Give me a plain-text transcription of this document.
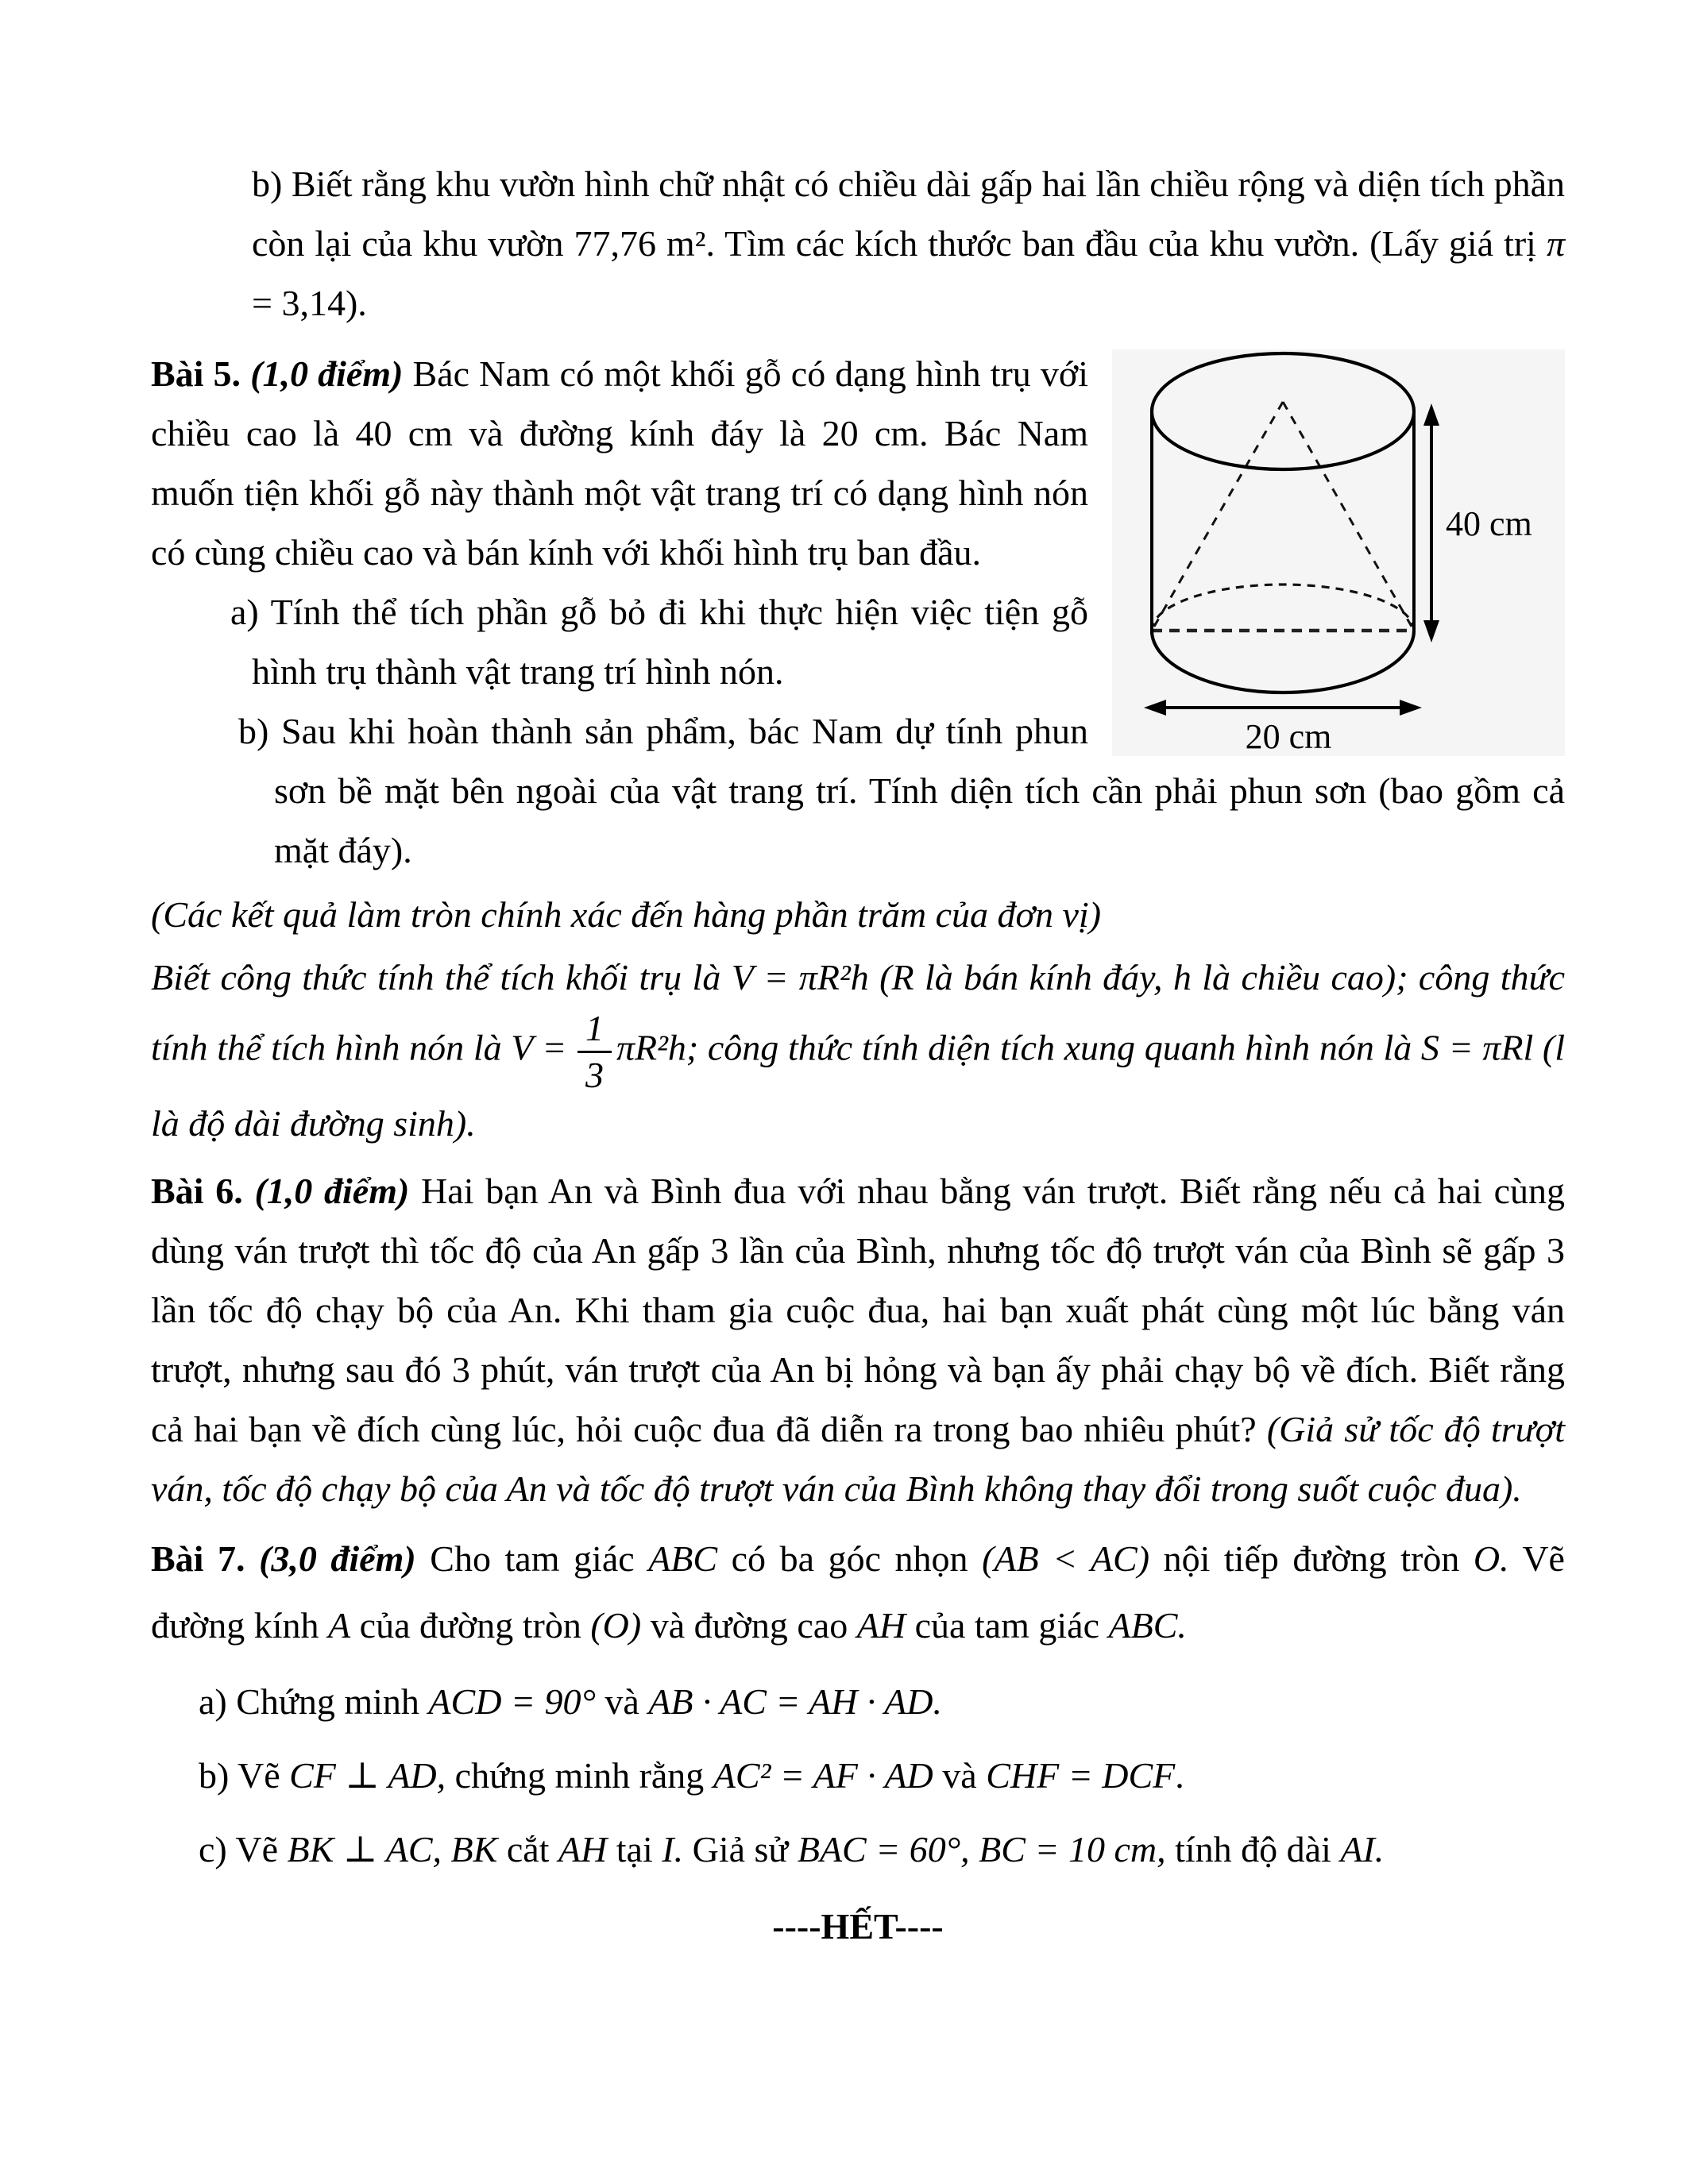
b) Biết rằng khu vườn hình chữ nhật có chiều dài gấp hai lần chiều rộng và diện tích phần còn lại của khu vườn 77,76 m². Tìm các kích thước ban đầu của khu vườn. (Lấy giá trị π = 3,14).

40 cm
20 cm

Bài 5. (1,0 điểm) Bác Nam có một khối gỗ có dạng hình trụ với chiều cao là 40 cm và đường kính đáy là 20 cm. Bác Nam muốn tiện khối gỗ này thành một vật trang trí có dạng hình nón có cùng chiều cao và bán kính với khối hình trụ ban đầu.

a) Tính thể tích phần gỗ bỏ đi khi thực hiện việc tiện gỗ hình trụ thành vật trang trí hình nón.

b) Sau khi hoàn thành sản phẩm, bác Nam dự tính phun sơn bề mặt bên ngoài của vật trang trí. Tính diện tích cần phải phun sơn (bao gồm cả mặt đáy).

(Các kết quả làm tròn chính xác đến hàng phần trăm của đơn vị)

Biết công thức tính thể tích khối trụ là V = πR²h (R là bán kính đáy, h là chiều cao); công thức tính thể tích hình nón là $V = \frac{1}{3} \pi R^2h$; công thức tính diện tích xung quanh hình nón là S = πRl (l là độ dài đường sinh).

Bài 6. (1,0 điểm) Hai bạn An và Bình đua với nhau bằng ván trượt. Biết rằng nếu cả hai cùng dùng ván trượt thì tốc độ của An gấp 3 lần của Bình, nhưng tốc độ trượt ván của Bình sẽ gấp 3 lần tốc độ chạy bộ của An. Khi tham gia cuộc đua, hai bạn xuất phát cùng một lúc bằng ván trượt, nhưng sau đó 3 phút, ván trượt của An bị hỏng và bạn ấy phải chạy bộ về đích. Biết rằng cả hai bạn về đích cùng lúc, hỏi cuộc đua đã diễn ra trong bao nhiêu phút? (Giả sử tốc độ trượt ván, tốc độ chạy bộ của An và tốc độ trượt ván của Bình không thay đổi trong suốt cuộc đua).

Bài 7. (3,0 điểm) Cho tam giác ABC có ba góc nhọn (AB < AC) nội tiếp đường tròn O. Vẽ đường kính A của đường tròn (O) và đường cao AH của tam giác ABC.

a) Chứng minh ACD = 90° và AB · AC = AH · AD.

b) Vẽ CF ⊥ AD, chứng minh rằng AC² = AF · AD và CHF = DCF.

c) Vẽ BK ⊥ AC, BK cắt AH tại I. Giả sử BAC = 60°, BC = 10 cm, tính độ dài AI.

----HẾT----
